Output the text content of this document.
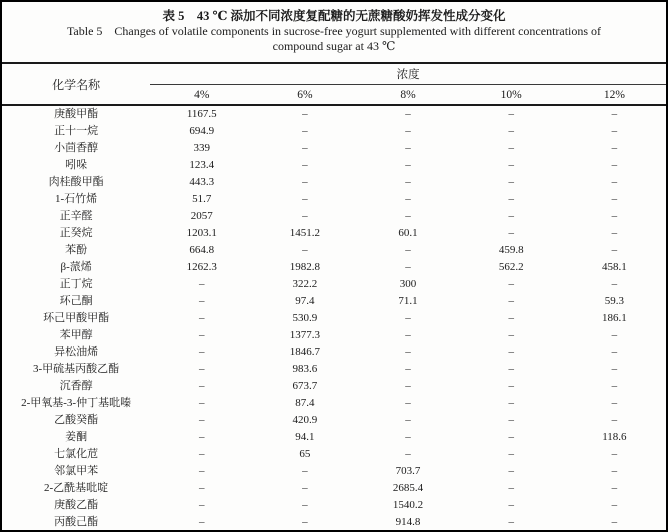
表 5　43 ℃ 添加不同浓度复配糖的无蔗糖酸奶挥发性成分变化
Table 5　Changes of volatile components in sucrose-free yogurt supplemented with different concentrations of
compound sugar at 43 ℃
化学名称	浓度				
	4%	6%	8%	10%	12%
庚酸甲酯	1167.5	–	–	–	–
正十一烷	694.9	–	–	–	–
小茴香醇	339	–	–	–	–
吲哚	123.4	–	–	–	–
肉桂酸甲酯	443.3	–	–	–	–
1-石竹烯	51.7	–	–	–	–
正辛醛	2057	–	–	–	–
正癸烷	1203.1	1451.2	60.1	–	–
苯酚	664.8	–	–	459.8	–
β-蒎烯	1262.3	1982.8	–	562.2	458.1
正丁烷	–	322.2	300	–	–
环己酮	–	97.4	71.1	–	59.3
环己甲酸甲酯	–	530.9	–	–	186.1
苯甲醇	–	1377.3	–	–	–
异松油烯	–	1846.7	–	–	–
3-甲硫基丙酸乙酯	–	983.6	–	–	–
沉香醇	–	673.7	–	–	–
2-甲氧基-3-仲丁基吡嗪	–	87.4	–	–	–
乙酸癸酯	–	420.9	–	–	–
姜酮	–	94.1	–	–	118.6
七氯化苊	–	65	–	–	–
邻氯甲苯	–	–	703.7	–	–
2-乙酰基吡啶	–	–	2685.4	–	–
庚酸乙酯	–	–	1540.2	–	–
丙酸己酯	–	–	914.8	–	–
